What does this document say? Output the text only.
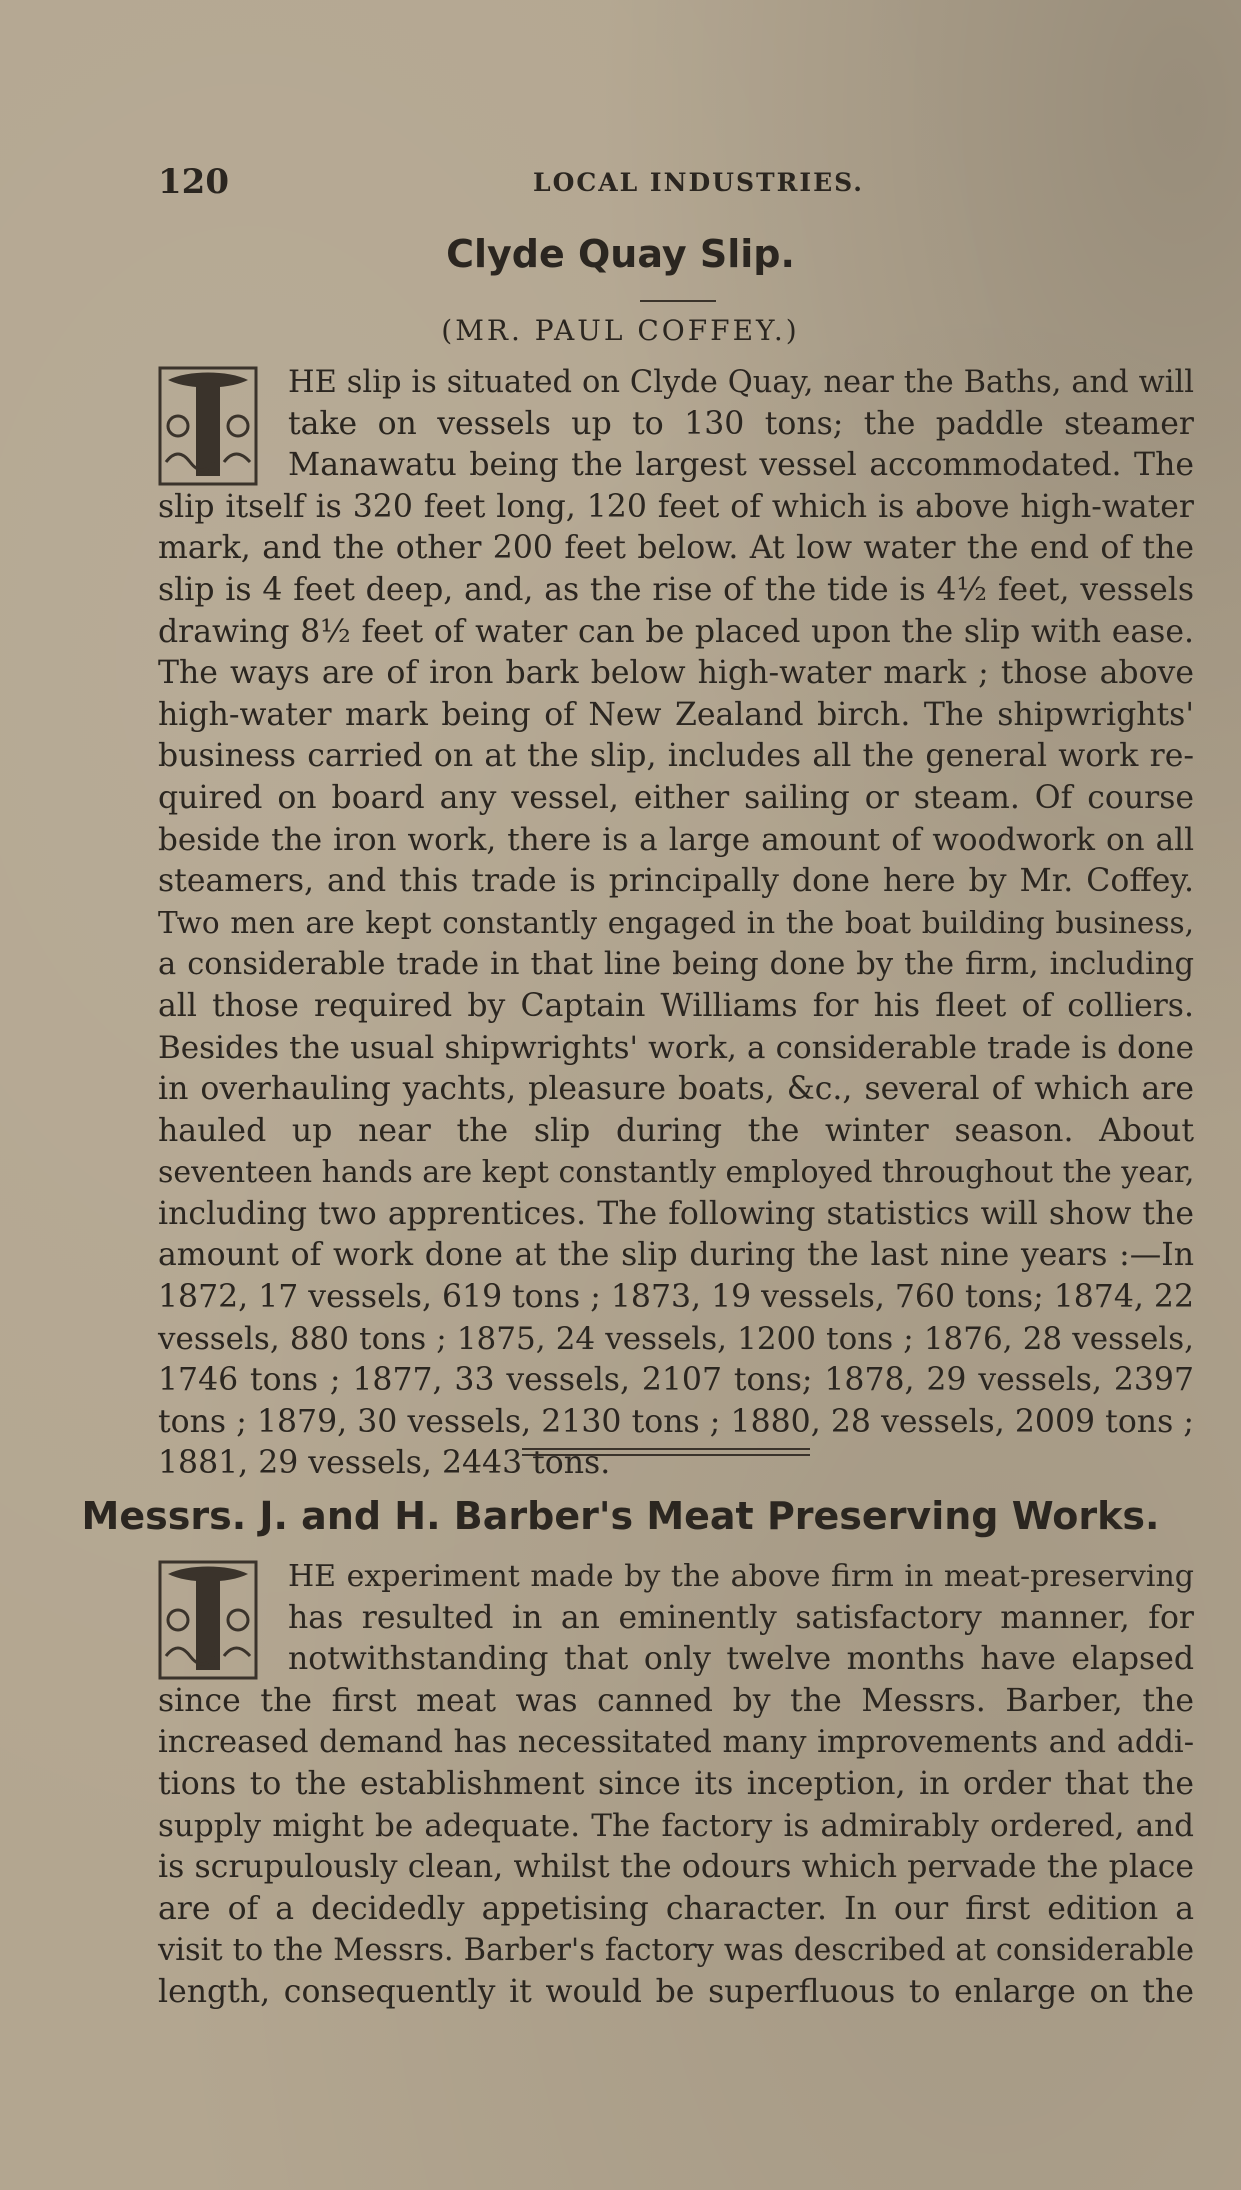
120	LOCAL INDUSTRIES.
Clyde Quay Slip.
(MR. PAUL COFFEY.)
HE slip is situated on Clyde Quay, near the Baths, and will
take on vessels up to 130 tons; the paddle steamer
Manawatu being the largest vessel accommodated. The
slip itself is 320 feet long, 120 feet of which is above high-water
mark, and the other 200 feet below. At low water the end of the
slip is 4 feet deep, and, as the rise of the tide is 4½ feet, vessels
drawing 8½ feet of water can be placed upon the slip with ease.
The ways are of iron bark below high-water mark ; those above
high-water mark being of New Zealand birch. The shipwrights'
business carried on at the slip, includes all the general work re-
quired on board any vessel, either sailing or steam. Of course
beside the iron work, there is a large amount of woodwork on all
steamers, and this trade is principally done here by Mr. Coffey.
Two men are kept constantly engaged in the boat building business,
a considerable trade in that line being done by the firm, including
all those required by Captain Williams for his fleet of colliers.
Besides the usual shipwrights' work, a considerable trade is done
in overhauling yachts, pleasure boats, &c., several of which are
hauled up near the slip during the winter season. About
seventeen hands are kept constantly employed throughout the year,
including two apprentices. The following statistics will show the
amount of work done at the slip during the last nine years :—In
1872, 17 vessels, 619 tons ; 1873, 19 vessels, 760 tons; 1874, 22
vessels, 880 tons ; 1875, 24 vessels, 1200 tons ; 1876, 28 vessels,
1746 tons ; 1877, 33 vessels, 2107 tons; 1878, 29 vessels, 2397
tons ; 1879, 30 vessels, 2130 tons ; 1880, 28 vessels, 2009 tons ;
1881, 29 vessels, 2443 tons.
Messrs. J. and H. Barber's Meat Preserving Works.
HE experiment made by the above firm in meat-preserving
has resulted in an eminently satisfactory manner, for
notwithstanding that only twelve months have elapsed
since the first meat was canned by the Messrs. Barber, the
increased demand has necessitated many improvements and addi-
tions to the establishment since its inception, in order that the
supply might be adequate. The factory is admirably ordered, and
is scrupulously clean, whilst the odours which pervade the place
are of a decidedly appetising character. In our first edition a
visit to the Messrs. Barber's factory was described at considerable
length, consequently it would be superfluous to enlarge on the
